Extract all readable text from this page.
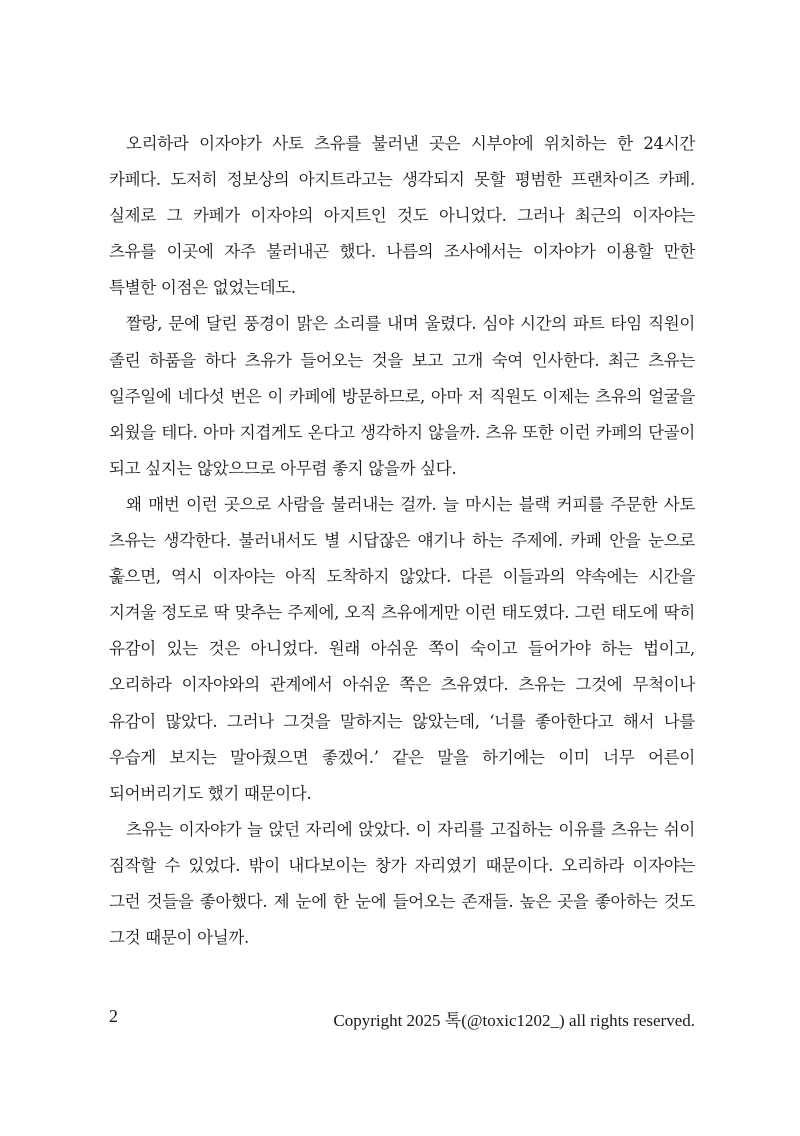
오리하라 이자야가 사토 츠유를 불러낸 곳은 시부야에 위치하는 한 24시간 카페다. 도저히 정보상의 아지트라고는 생각되지 못할 평범한 프랜차이즈 카페. 실제로 그 카페가 이자야의 아지트인 것도 아니었다. 그러나 최근의 이자야는 츠유를 이곳에 자주 불러내곤 했다. 나름의 조사에서는 이자야가 이용할 만한 특별한 이점은 없었는데도.

짤랑, 문에 달린 풍경이 맑은 소리를 내며 울렸다. 심야 시간의 파트 타임 직원이 졸린 하품을 하다 츠유가 들어오는 것을 보고 고개 숙여 인사한다. 최근 츠유는 일주일에 네다섯 번은 이 카페에 방문하므로, 아마 저 직원도 이제는 츠유의 얼굴을 외웠을 테다. 아마 지겹게도 온다고 생각하지 않을까. 츠유 또한 이런 카페의 단골이 되고 싶지는 않았으므로 아무렴 좋지 않을까 싶다.

왜 매번 이런 곳으로 사람을 불러내는 걸까. 늘 마시는 블랙 커피를 주문한 사토 츠유는 생각한다. 불러내서도 별 시답잖은 얘기나 하는 주제에. 카페 안을 눈으로 훑으면, 역시 이자야는 아직 도착하지 않았다. 다른 이들과의 약속에는 시간을 지겨울 정도로 딱 맞추는 주제에, 오직 츠유에게만 이런 태도였다. 그런 태도에 딱히 유감이 있는 것은 아니었다. 원래 아쉬운 쪽이 숙이고 들어가야 하는 법이고, 오리하라 이자야와의 관계에서 아쉬운 쪽은 츠유였다. 츠유는 그것에 무척이나 유감이 많았다. 그러나 그것을 말하지는 않았는데, ‘너를 좋아한다고 해서 나를 우습게 보지는 말아줬으면 좋겠어.’ 같은 말을 하기에는 이미 너무 어른이 되어버리기도 했기 때문이다.

츠유는 이자야가 늘 앉던 자리에 앉았다. 이 자리를 고집하는 이유를 츠유는 쉬이 짐작할 수 있었다. 밖이 내다보이는 창가 자리였기 때문이다. 오리하라 이자야는 그런 것들을 좋아했다. 제 눈에 한 눈에 들어오는 존재들. 높은 곳을 좋아하는 것도 그것 때문이 아닐까.

2	Copyright 2025 톡(@toxic1202_) all rights reserved.
